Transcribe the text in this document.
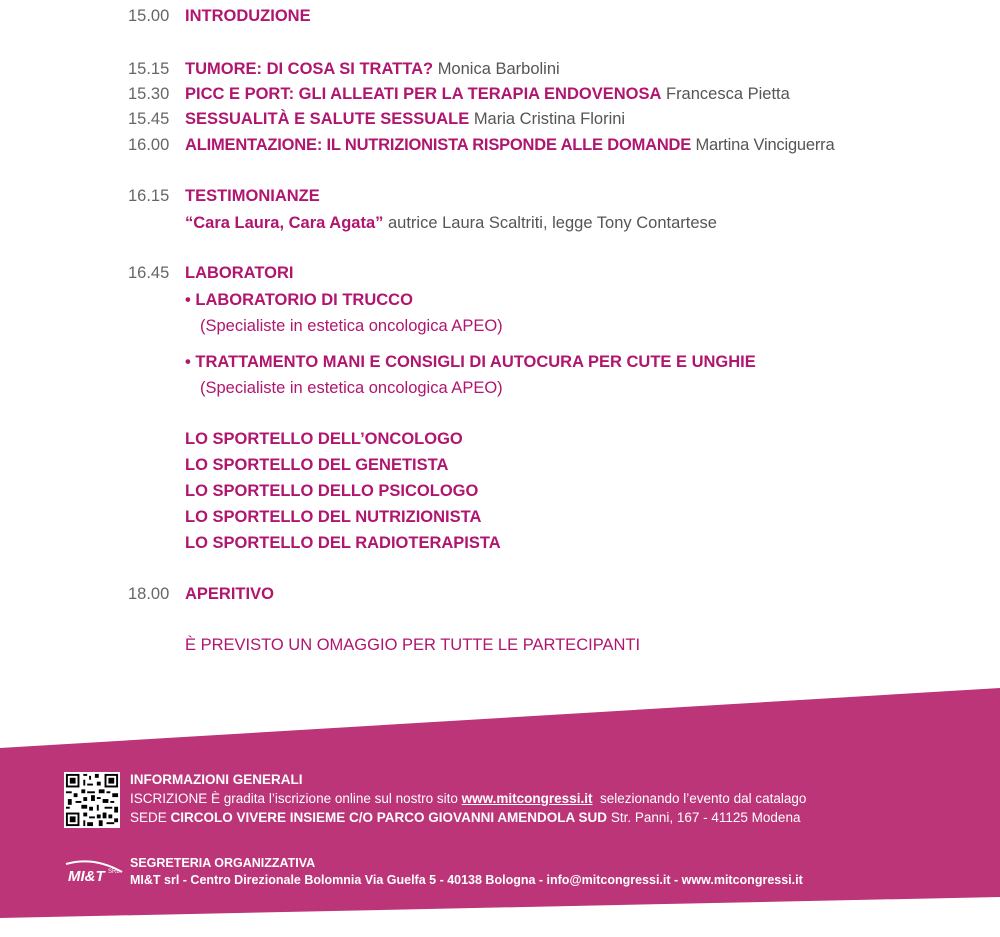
15.00 INTRODUZIONE
15.15 TUMORE: DI COSA SI TRATTA? Monica Barbolini
15.30 PICC E PORT: GLI ALLEATI PER LA TERAPIA ENDOVENOSA Francesca Pietta
15.45 SESSUALITÀ E SALUTE SESSUALE Maria Cristina Florini
16.00 ALIMENTAZIONE: IL NUTRIZIONISTA RISPONDE ALLE DOMANDE Martina Vinciguerra
16.15 TESTIMONIANZE
“Cara Laura, Cara Agata” autrice Laura Scaltriti, legge Tony Contartese
16.45 LABORATORI
• LABORATORIO DI TRUCCO
(Specialiste in estetica oncologica APEO)
• TRATTAMENTO MANI E CONSIGLI DI AUTOCURA PER CUTE E UNGHIE
(Specialiste in estetica oncologica APEO)
LO SPORTELLO DELL’ONCOLOGO
LO SPORTELLO DEL GENETISTA
LO SPORTELLO DELLO PSICOLOGO
LO SPORTELLO DEL NUTRIZIONISTA
LO SPORTELLO DEL RADIOTERAPISTA
18.00 APERITIVO
È PREVISTO UN OMAGGIO PER TUTTE LE PARTECIPANTI
INFORMAZIONI GENERALI
ISCRIZIONE È gradita l’iscrizione online sul nostro sito www.mitcongressi.it selezionando l’evento dal catalago
SEDE CIRCOLO VIVERE INSIEME C/O PARCO GIOVANNI AMENDOLA SUD Str. Panni, 167 - 41125 Modena
MI&T SRL
SEGRETERIA ORGANIZZATIVA
MI&T srl - Centro Direzionale Bolomnia Via Guelfa 5 - 40138 Bologna - info@mitcongressi.it - www.mitcongressi.it
